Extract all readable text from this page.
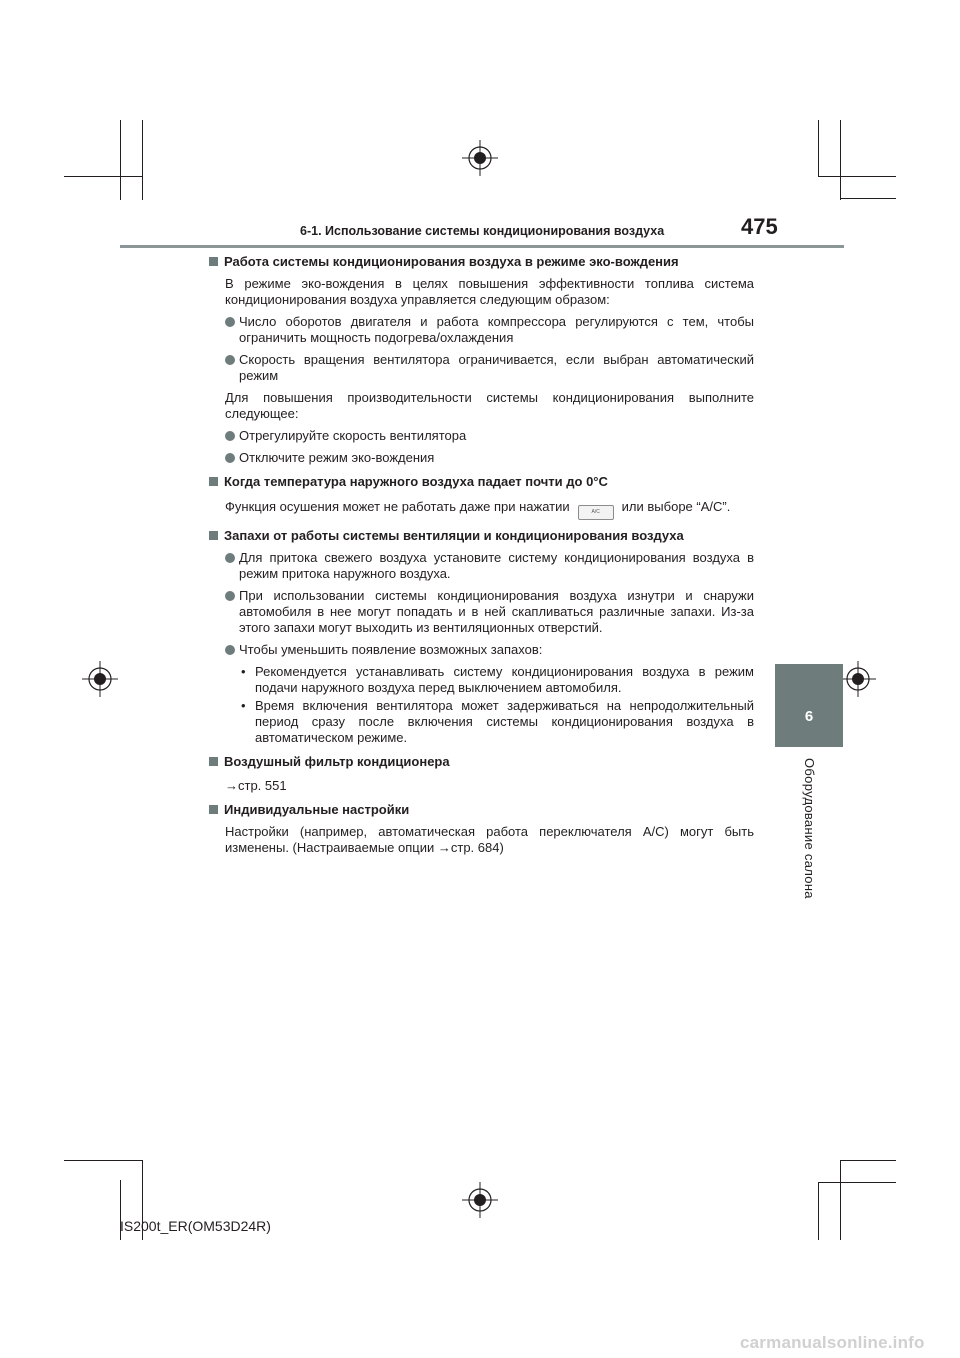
6-1. Использование системы кондиционирования воздуха	475
6
Оборудование салона
Работа системы кондиционирования воздуха в режиме эко-вождения
В режиме эко-вождения в целях повышения эффективности топлива система кондиционирования воздуха управляется следующим образом:
Число оборотов двигателя и работа компрессора регулируются с тем, чтобы ограничить мощность подогрева/охлаждения
Скорость вращения вентилятора ограничивается, если выбран автоматический режим
Для повышения производительности системы кондиционирования выполните следующее:
Отрегулируйте скорость вентилятора
Отключите режим эко-вождения
Когда температура наружного воздуха падает почти до 0°C
Функция осушения может не работать даже при нажатии	A/C или выборе “A/C”.
Запахи от работы системы вентиляции и кондиционирования воздуха
Для притока свежего воздуха установите систему кондиционирования воздуха в режим притока наружного воздуха.
При использовании системы кондиционирования воздуха изнутри и снаружи автомобиля в нее могут попадать и в ней скапливаться различные запахи. Из-за этого запахи могут выходить из вентиляционных отверстий.
Чтобы уменьшить появление возможных запахов:
• Рекомендуется устанавливать систему кондиционирования воздуха в режим подачи наружного воздуха перед выключением автомобиля.
• Время включения вентилятора может задерживаться на непродолжительный период сразу после включения системы кондиционирования воздуха в автоматическом режиме.
Воздушный фильтр кондиционера
→стр. 551
Индивидуальные настройки
Настройки (например, автоматическая работа переключателя A/C) могут быть изменены. (Настраиваемые опции →стр. 684)
IS200t_ER(OM53D24R)
carmanualsonline.info
